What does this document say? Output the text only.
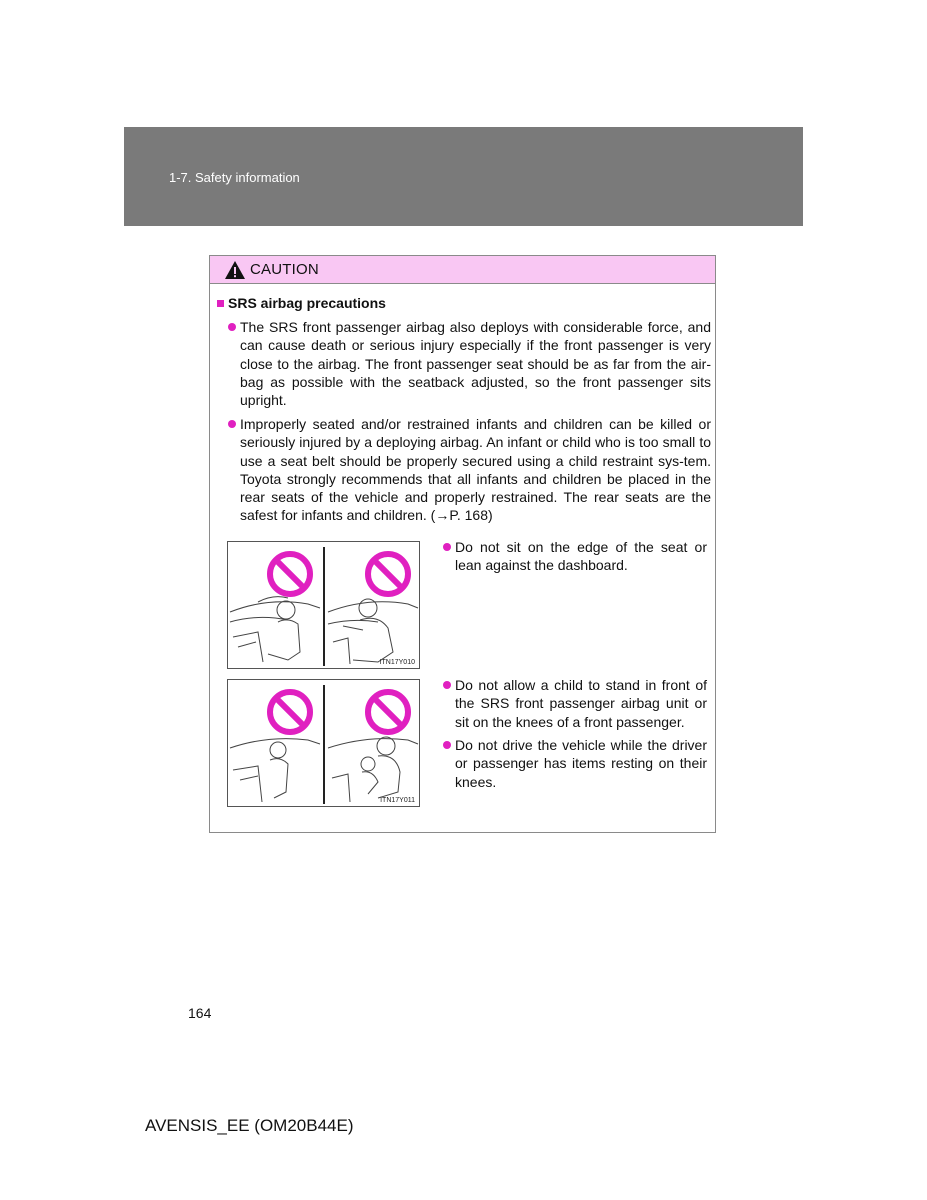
1-7. Safety information
CAUTION
SRS airbag precautions
The SRS front passenger airbag also deploys with considerable force, and can cause death or serious injury especially if the front passenger is very close to the airbag. The front passenger seat should be as far from the air-bag as possible with the seatback adjusted, so the front passenger sits upright.
Improperly seated and/or restrained infants and children can be killed or seriously injured by a deploying airbag. An infant or child who is too small to use a seat belt should be properly secured using a child restraint sys-tem. Toyota strongly recommends that all infants and children be placed in the rear seats of the vehicle and properly restrained. The rear seats are the safest for infants and children. (→P. 168)
ITN17Y010
ITN17Y011
Do not sit on the edge of the seat or lean against the dashboard.
Do not allow a child to stand in front of the SRS front passenger airbag unit or sit on the knees of a front passenger.
Do not drive the vehicle while the driver or passenger has items resting on their knees.
164
AVENSIS_EE (OM20B44E)
